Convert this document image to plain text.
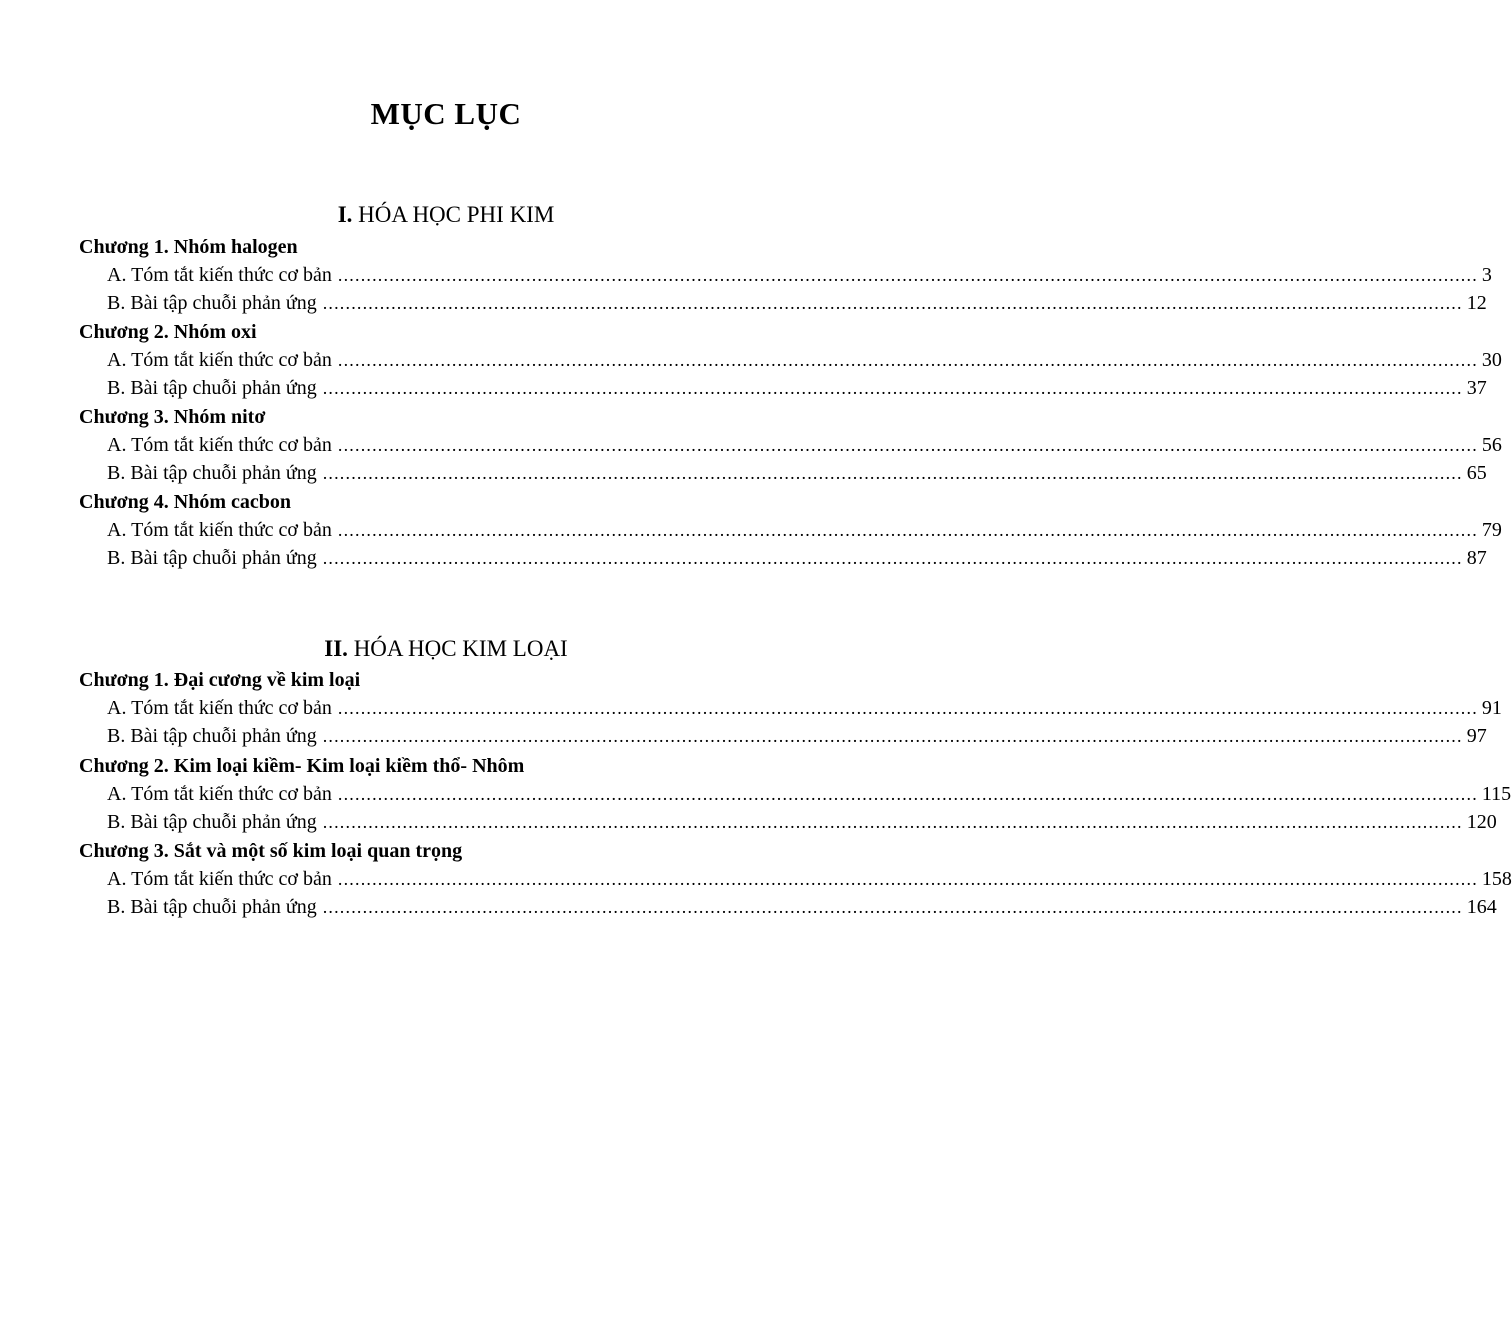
MỤC LỤC
I. HÓA HỌC PHI KIM
Chương 1. Nhóm halogen
A. Tóm tắt kiến thức cơ bản ........................................................................................................................................................................................................ 3
B. Bài tập chuỗi phản ứng ........................................................................................................................................................................................................ 12
Chương 2. Nhóm oxi
A. Tóm tắt kiến thức cơ bản ........................................................................................................................................................................................................ 30
B. Bài tập chuỗi phản ứng ........................................................................................................................................................................................................ 37
Chương 3. Nhóm nitơ
A. Tóm tắt kiến thức cơ bản ........................................................................................................................................................................................................ 56
B. Bài tập chuỗi phản ứng ........................................................................................................................................................................................................ 65
Chương 4. Nhóm cacbon
A. Tóm tắt kiến thức cơ bản ........................................................................................................................................................................................................ 79
B. Bài tập chuỗi phản ứng ........................................................................................................................................................................................................ 87
II. HÓA HỌC KIM LOẠI
Chương 1. Đại cương về kim loại
A. Tóm tắt kiến thức cơ bản ........................................................................................................................................................................................................ 91
B. Bài tập chuỗi phản ứng ........................................................................................................................................................................................................ 97
Chương 2. Kim loại kiềm- Kim loại kiềm thổ- Nhôm
A. Tóm tắt kiến thức cơ bản ........................................................................................................................................................................................................ 115
B. Bài tập chuỗi phản ứng ........................................................................................................................................................................................................ 120
Chương 3. Sắt và một số kim loại quan trọng
A. Tóm tắt kiến thức cơ bản ........................................................................................................................................................................................................ 158
B. Bài tập chuỗi phản ứng ........................................................................................................................................................................................................ 164
